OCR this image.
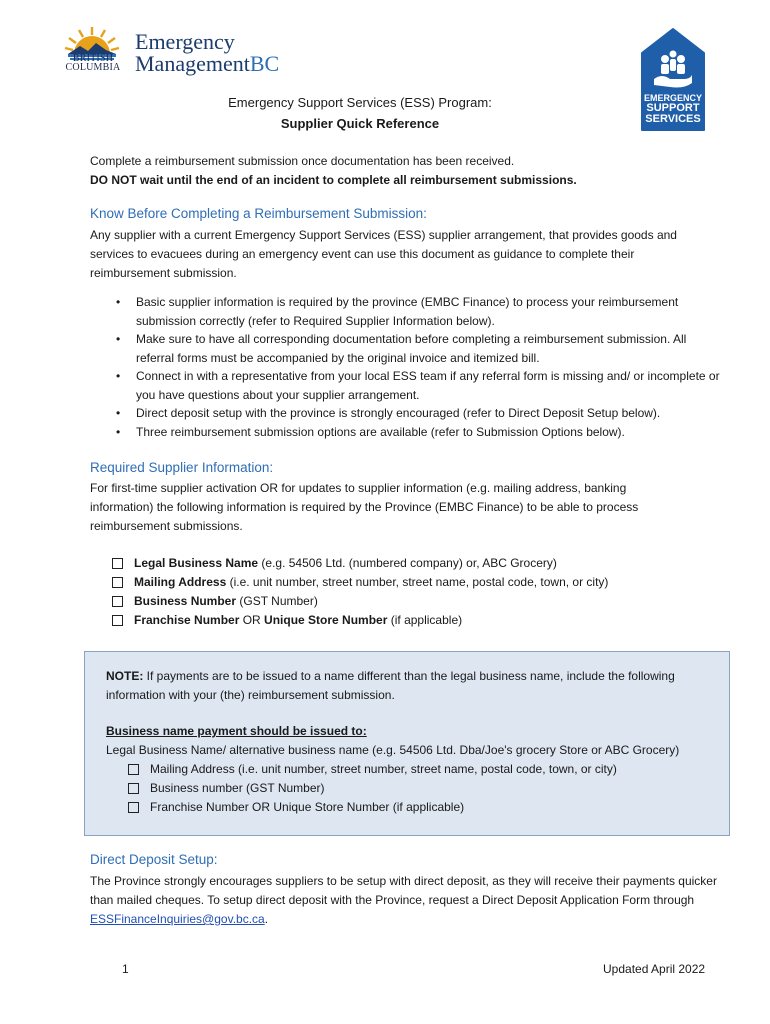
BRITISH
COLUMBIA
Emergency
ManagementBC
EMERGENCY
SUPPORT
SERVICES
Emergency Support Services (ESS) Program:
Supplier Quick Reference
Complete a reimbursement submission once documentation has been received.
DO NOT wait until the end of an incident to complete all reimbursement submissions.
Know Before Completing a Reimbursement Submission:
Any supplier with a current Emergency Support Services (ESS) supplier arrangement, that provides goods and services to evacuees during an emergency event can use this document as guidance to complete their reimbursement submission.
• Basic supplier information is required by the province (EMBC Finance) to process your reimbursement submission correctly (refer to Required Supplier Information below).
• Make sure to have all corresponding documentation before completing a reimbursement submission. All referral forms must be accompanied by the original invoice and itemized bill.
• Connect in with a representative from your local ESS team if any referral form is missing and/ or incomplete or you have questions about your supplier arrangement.
• Direct deposit setup with the province is strongly encouraged (refer to Direct Deposit Setup below).
• Three reimbursement submission options are available (refer to Submission Options below).
Required Supplier Information:
For first-time supplier activation OR for updates to supplier information (e.g. mailing address, banking information) the following information is required by the Province (EMBC Finance) to be able to process reimbursement submissions.
Legal Business Name (e.g. 54506 Ltd. (numbered company) or, ABC Grocery)
Mailing Address (i.e. unit number, street number, street name, postal code, town, or city)
Business Number (GST Number)
Franchise Number OR Unique Store Number (if applicable)
NOTE: If payments are to be issued to a name different than the legal business name, include the following information with your (the) reimbursement submission.
Business name payment should be issued to:
Legal Business Name/ alternative business name (e.g. 54506 Ltd. Dba/Joe's grocery Store or ABC Grocery)
Mailing Address (i.e. unit number, street number, street name, postal code, town, or city)
Business number (GST Number)
Franchise Number OR Unique Store Number (if applicable)
Direct Deposit Setup:
The Province strongly encourages suppliers to be setup with direct deposit, as they will receive their payments quicker than mailed cheques. To setup direct deposit with the Province, request a Direct Deposit Application Form through ESSFinanceInquiries@gov.bc.ca.
1	Updated April 2022
